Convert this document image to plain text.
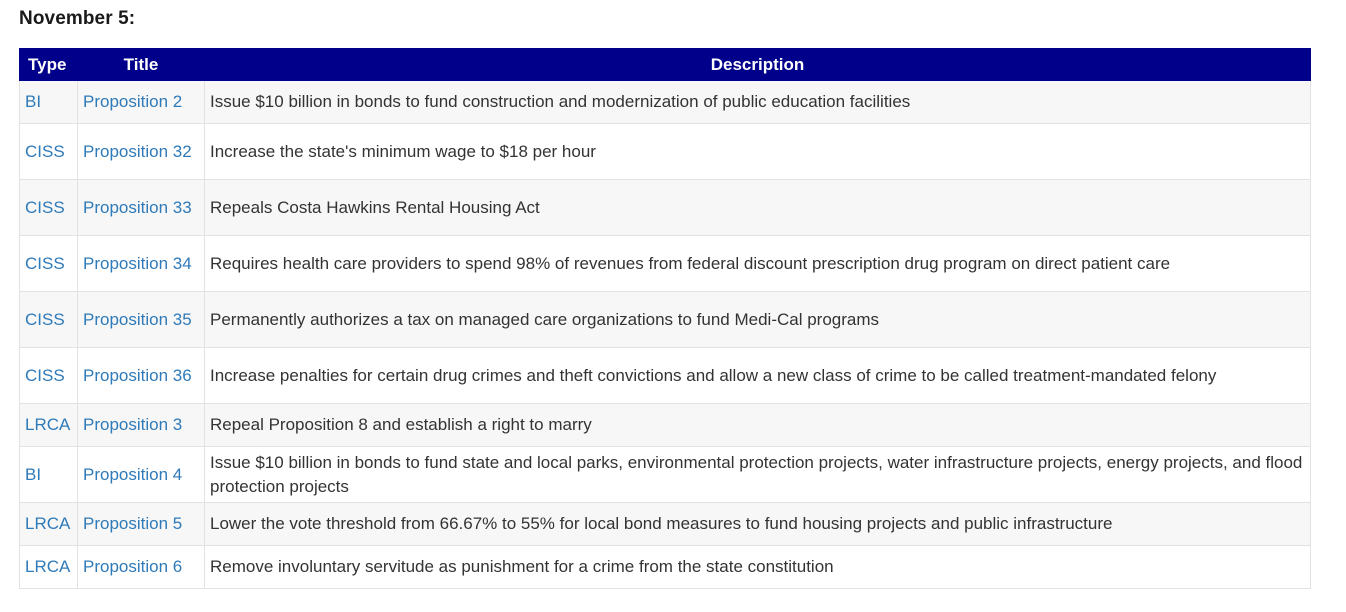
November 5:
Type	Title	Description
BI	Proposition 2	Issue $10 billion in bonds to fund construction and modernization of public education facilities
CISS	Proposition 32	Increase the state's minimum wage to $18 per hour
CISS	Proposition 33	Repeals Costa Hawkins Rental Housing Act
CISS	Proposition 34	Requires health care providers to spend 98% of revenues from federal discount prescription drug program on direct patient care
CISS	Proposition 35	Permanently authorizes a tax on managed care organizations to fund Medi-Cal programs
CISS	Proposition 36	Increase penalties for certain drug crimes and theft convictions and allow a new class of crime to be called treatment-mandated felony
LRCA	Proposition 3	Repeal Proposition 8 and establish a right to marry
BI	Proposition 4	Issue $10 billion in bonds to fund state and local parks, environmental protection projects, water infrastructure projects, energy projects, and flood protection projects
LRCA	Proposition 5	Lower the vote threshold from 66.67% to 55% for local bond measures to fund housing projects and public infrastructure
LRCA	Proposition 6	Remove involuntary servitude as punishment for a crime from the state constitution
